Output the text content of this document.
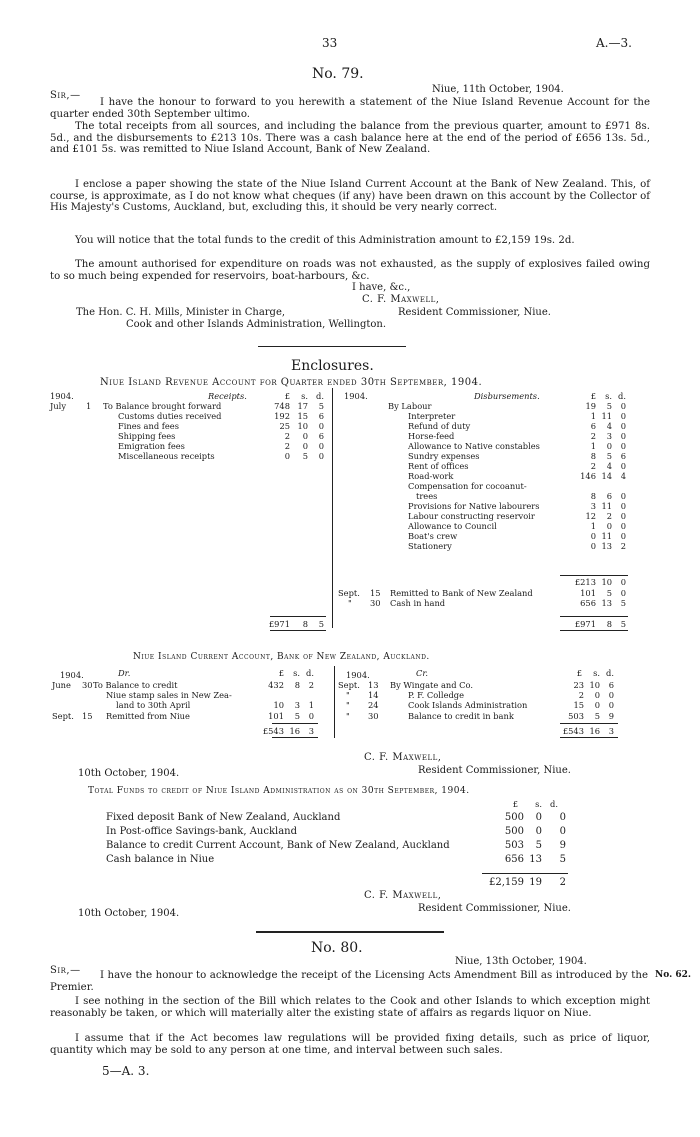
33	A.—3.
No. 79.
Sir,—
Niue, 11th October, 1904.
I have the honour to forward to you herewith a statement of the Niue Island Revenue Account for the quarter ended 30th September ultimo.
The total receipts from all sources, and including the balance from the previous quarter, amount to £971 8s. 5d., and the disbursements to £213 10s. There was a cash balance here at the end of the period of £656 13s. 5d., and £101 5s. was remitted to Niue Island Account, Bank of New Zealand.
I enclose a paper showing the state of the Niue Island Current Account at the Bank of New Zealand. This, of course, is approximate, as I do not know what cheques (if any) have been drawn on this account by the Collector of His Majesty's Customs, Auckland, but, excluding this, it should be very nearly correct.
You will notice that the total funds to the credit of this Administration amount to £2,159 19s. 2d.
The amount authorised for expenditure on roads was not exhausted, as the supply of explosives failed owing to so much being expended for reservoirs, boat-harbours, &c.
I have, &c.,
C. F. Maxwell,
Resident Commissioner, Niue.
The Hon. C. H. Mills, Minister in Charge,
Cook and other Islands Administration, Wellington.
Enclosures.
Niue Island Revenue Account for Quarter ended 30th September, 1904.
1904.	Receipts.
July 1
£	s. d.
To Balance brought forward	748 17	5
Customs duties received	192 15	6
Fines and fees	25 10	0
Shipping fees	2	0	6
Emigration fees	2	0	0
Miscellaneous receipts	0	5	0
£971	8	5
1904.	Disbursements.	£	s. d.
By Labour	19	5	0
Interpreter	1 11	0
Refund of duty	6	4	0
Horse-feed	2	3	0
Allowance to Native constables	1	0	0
Sundry expenses	8	5	6
Rent of offices	2	4	0
Road-work	146 14	4
Compensation for cocoanut-
trees	8	6	0
Provisions for Native labourers	3 11	0
Labour constructing reservoir	12	2	0
Allowance to Council	1	0	0
Boat's crew	0 11	0
Stationery	0 13	2
£213 10	0
Sept. 15 Remitted to Bank of New Zealand	101	5	0
" 30 Cash in hand	656 13	5
£971	8	5
Niue Island Current Account, Bank of New Zealand, Auckland.
1904.	Dr.	£	s. d.	1904.	Cr.	£	s. d.
June 30 To Balance to credit	432	8	2
Niue stamp sales in New Zea-
land to 30th April	10	3	1
Sept. 15 Remitted from Niue	101	5	0
Sept. 13 By Wingate and Co.	23 10	6
" 14	P. F. Colledge	2	0	0
" 24	Cook Islands Administration	15	0	0
" 30	Balance to credit in bank	503	5	9
£543 16	3	£543 16	3
C. F. Maxwell,
Resident Commissioner, Niue.
10th October, 1904.
Total Funds to credit of Niue Island Administration as on 30th September, 1904.
£	s. d.
Fixed deposit Bank of New Zealand, Auckland	500	0	0
In Post-office Savings-bank, Auckland	500	0	0
Balance to credit Current Account, Bank of New Zealand, Auckland	503	5	9
Cash balance in Niue	656 13	5
£2,159 19	2
C. F. Maxwell,
Resident Commissioner, Niue.
10th October, 1904.
No. 80.
Sir,—
Niue, 13th October, 1904.
No. 62.
I have the honour to acknowledge the receipt of the Licensing Acts Amendment Bill as introduced by the Premier.
I see nothing in the section of the Bill which relates to the Cook and other Islands to which exception might reasonably be taken, or which will materially alter the existing state of affairs as regards liquor on Niue.
I assume that if the Act becomes law regulations will be provided fixing details, such as price of liquor, quantity which may be sold to any person at one time, and interval between such sales.
5—A. 3.
